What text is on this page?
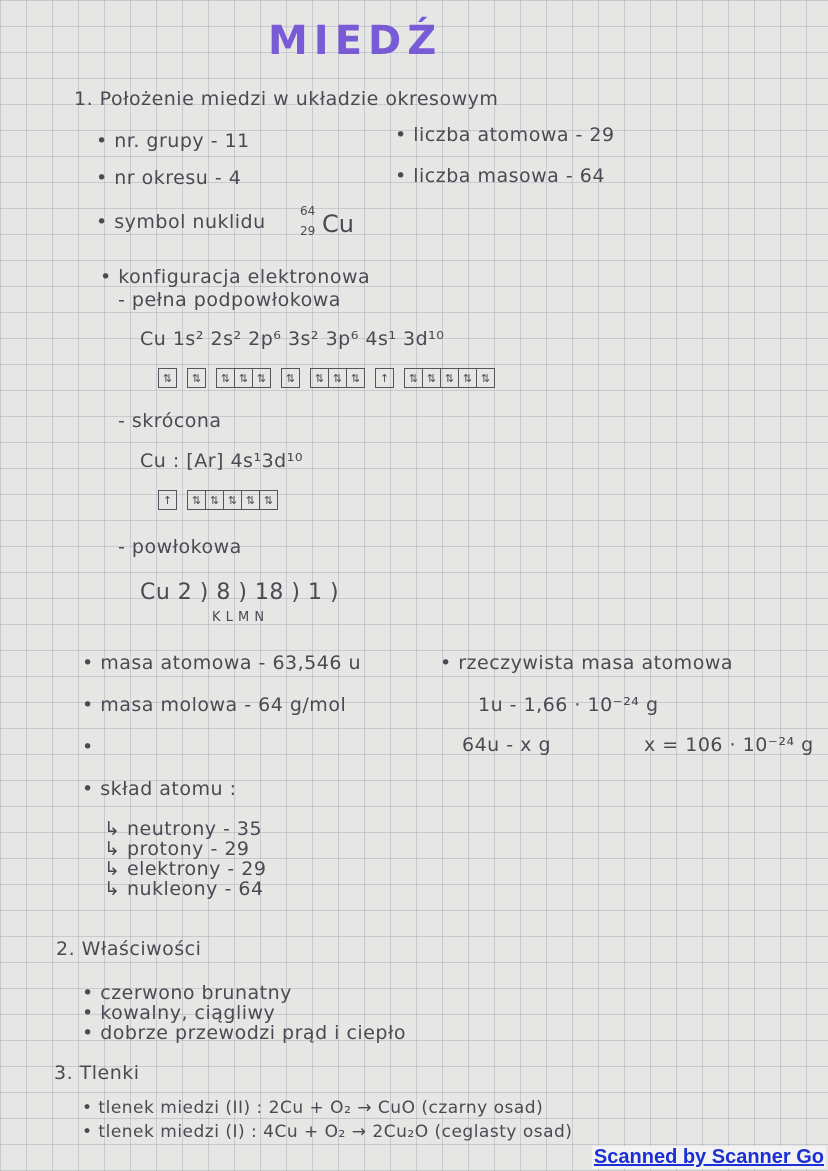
MIEDŹ
1. Położenie miedzi w układzie okresowym
• nr. grupy - 11	• liczba atomowa - 29
• nr okresu - 4	• liczba masowa - 64
• symbol nuklidu	64
29 Cu
• konfiguracja elektronowa
- pełna podpowłokowa
Cu 1s² 2s² 2p⁶ 3s² 3p⁶ 4s¹ 3d¹⁰
⇅	⇅	⇅ ⇅ ⇅	⇅	⇅ ⇅ ⇅	↑	⇅ ⇅ ⇅ ⇅ ⇅
- skrócona
Cu : [Ar] 4s¹3d¹⁰
↑	⇅ ⇅ ⇅ ⇅ ⇅
- powłokowa
Cu 2 ) 8 ) 18 ) 1 )
K L M N
• masa atomowa - 63,546 u	• rzeczywista masa atomowa
• masa molowa - 64 g/mol	1u - 1,66 · 10⁻²⁴ g
•	64u - x g	x = 106 · 10⁻²⁴ g
• skład atomu :
↳ neutrony - 35
↳ protony - 29
↳ elektrony - 29
↳ nukleony - 64
2. Właściwości
• czerwono brunatny
• kowalny, ciągliwy
• dobrze przewodzi prąd i ciepło
3. Tlenki
• tlenek miedzi (II) : 2Cu + O₂ → CuO (czarny osad)
• tlenek miedzi (I) : 4Cu + O₂ → 2Cu₂O (ceglasty osad)
Scanned by Scanner Go
